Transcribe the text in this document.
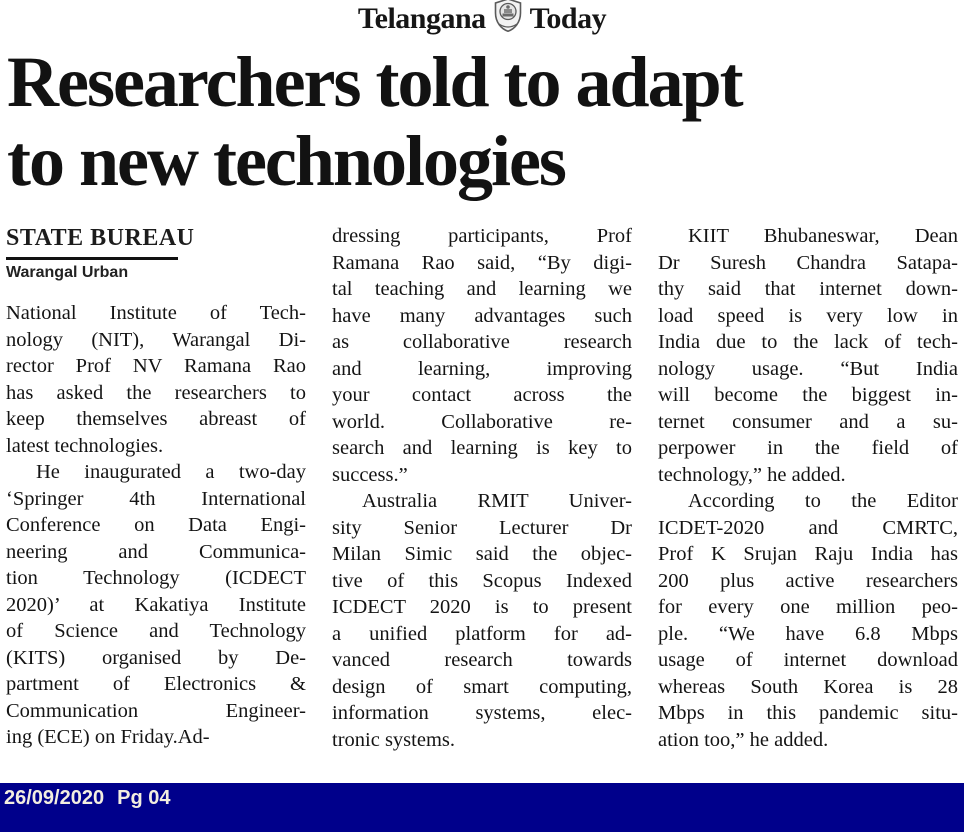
Telangana Today
Researchers told to adapt
to new technologies
STATE BUREAU
Warangal Urban
National Institute of Tech-
nology (NIT), Warangal Di-
rector Prof NV Ramana Rao
has asked the researchers to
keep themselves abreast of
latest technologies.
He inaugurated a two-day
‘Springer 4th International
Conference on Data Engi-
neering and Communica-
tion Technology (ICDECT
2020)’ at Kakatiya Institute
of Science and Technology
(KITS) organised by De-
partment of Electronics &
Communication Engineer-
ing (ECE) on Friday.Ad-
dressing participants, Prof
Ramana Rao said, “By digi-
tal teaching and learning we
have many advantages such
as collaborative research
and learning, improving
your contact across the
world. Collaborative re-
search and learning is key to
success.”
Australia RMIT Univer-
sity Senior Lecturer Dr
Milan Simic said the objec-
tive of this Scopus Indexed
ICDECT 2020 is to present
a unified platform for ad-
vanced research towards
design of smart computing,
information systems, elec-
tronic systems.
KIIT Bhubaneswar, Dean
Dr Suresh Chandra Satapa-
thy said that internet down-
load speed is very low in
India due to the lack of tech-
nology usage. “But India
will become the biggest in-
ternet consumer and a su-
perpower in the field of
technology,” he added.
According to the Editor
ICDET-2020 and CMRTC,
Prof K Srujan Raju India has
200 plus active researchers
for every one million peo-
ple. “We have 6.8 Mbps
usage of internet download
whereas South Korea is 28
Mbps in this pandemic situ-
ation too,” he added.
26/09/2020 Pg 04
